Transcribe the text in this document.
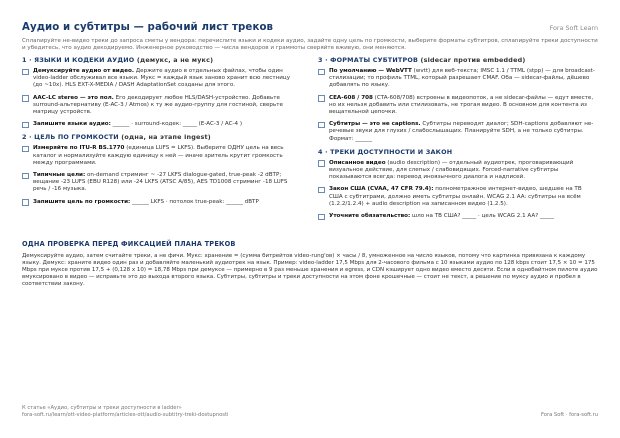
Аудио и субтитры — рабочий лист треков	Fora Soft Learn
Сплanируйте не-видео треки до запроса сметы у вендора: перечислите языки и кодеки аудио, задайте одну цель по громкости, выберите форматы субтитров, сплanируйте треки доступности и убедитесь, что аудио декодируемо. Инженерное руководство — числа вендоров и граммоты сверяйте вживую, они меняются.
1 · ЯЗЫКИ И КОДЕКИ АУДИО (демукс, а не мукс)
Демуксируйте аудио от видео. Держите аудио в отдельных файлах, чтобы один video-ladder обслуживал все языки. Мукс = каждый язык заново хранит всю лестницу (до ~10x). HLS EXT-X-MEDIA / DASH AdaptationSet созданы для этого.
AAC-LC stereo — это пол. Его декодирует любое HLS/DASH-устройство. Добавьте surround-альтернативу (E-AC-3 / Atmos) к ту же аудио-группу для гостиной, сверьте матрицу устройств.
Запишите языки аудио: ______ · surround-кодек: _____ (E-AC-3 / AC-4 )
2 · ЦЕЛЬ ПО ГРОМКОСТИ (одна, на этапе ingest)
Измеряйте по ITU-R BS.1770 (единица LUFS = LKFS). Выберите ОДНУ цель на весь каталог и нормализуйте каждую единицу к ней — иначе зритель крутит громкость между программами.
Типичные цели: on-demand стриминг ~ -27 LKFS dialogue-gated, true-peak -2 dBTP; вещание -23 LUFS (EBU R128) или -24 LKFS (ATSC A/85), AES TD1008 стриминг -18 LUFS речь / -16 музыка.
Запишите цель по громкости: ______ LKFS · потолок true-peak: ______ dBTP
3 · ФОРМАТЫ СУБТИТРОВ (sidecar против embedded)
По умолчанию — WebVTT (wvtt) для веб-текста; IMSC 1.1 / TTML (stpp) — для broadcast-стилизации; то профиль TTML, который разрешает CMAF. Оба — sidecar-файлы, дёшево добавлять по языку.
CEA-608 / 708 (CTA-608/708) встроены в видеопоток, а не sidecar-файлы — едут вместе, но их нельзя добавить или стилизовать, не трогая видео. В основном для контента из вещательной цепочки.
Субтитры — это не captions. Субтитры переводят диалог; SDH-captions добавляют не-речевые звуки для глухих / слабослышащих. Планируйте SDH, а не только субтитры. Формат: ______
4 · ТРЕКИ ДОСТУПНОСТИ И ЗАКОН
Описанное видео (audio description) — отдельный аудиотрек, проговаривающий визуальное действие, для слепых / слабовидящих. Forced-narrative субтитры показываются всегда: перевод иноязычного диалога и надписей.
Закон США (CVAA, 47 CFR 79.4): полнометражное интернет-видео, шедшее на ТВ США с субтитрами, должно иметь субтитры онлайн. WCAG 2.1 AA: субтитры на всём (1.2.2/1.2.4) + audio description на записанном видео (1.2.5).
Уточните обязательство: шло на ТВ США? _____ · цель WCAG 2.1 AA? _____
ОДНА ПРОВЕРКА ПЕРЕД ФИКСАЦИЕЙ ПЛАНА ТРЕКОВ
Демуксируйте аудио, затем считайте треки, а не фичи. Мукс: хранение = (сумма битрейтов video-rung'ов) × часы / 8, умноженное на число языков, потому что картинка привязана к каждому языку. Демукс: храните видео один раз и добавляйте маленький аудиотрек на язык. Пример: video-ladder 17,5 Mbps для 2-часового фильма с 10 языками аудио по 128 kbps стоит 17,5 × 10 = 175 Mbps при муксе против 17,5 + (0,128 x 10) = 18,78 Mbps при демуксе — примерно в 9 раз меньше хранения и egress, и CDN кэширует одно видео вместо десяти. Если в однобайтном пилоте аудио вмуксировано в видео — исправьте это до выхода второго языка. Субтитры, субтитры и треки доступности на этом фоне крошечные — стоит не текст, а решение по муксу аудио и пробел в соответствии закону.
К статье «Аудио, субтитры и треки доступности в ladder»
fora-soft.ru/learn/ott-video-platform/articles-ott/audio-subtitry-treki-dostupnosti	Fora Soft · fora-soft.ru
